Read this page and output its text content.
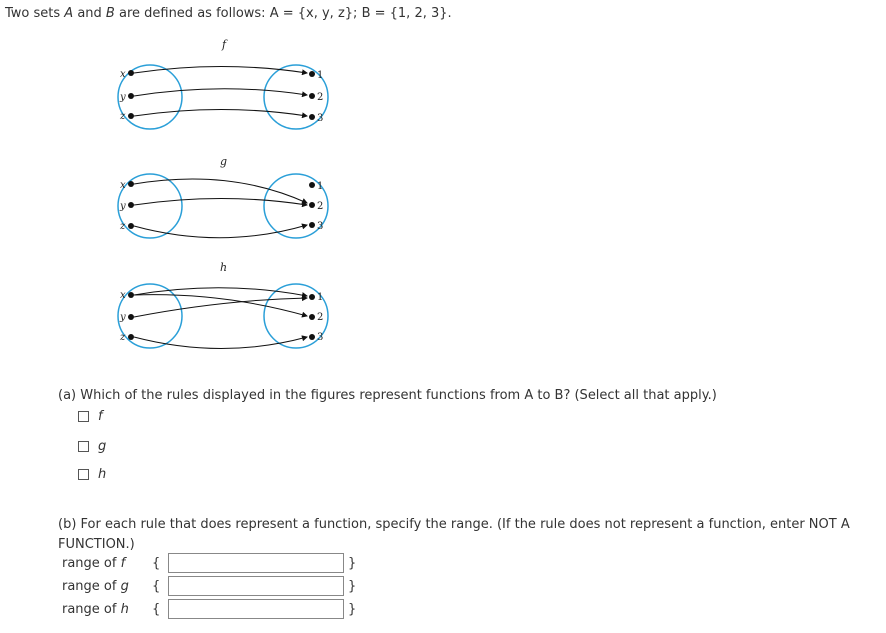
Two sets A and B are defined as follows: A = {x, y, z}; B = {1, 2, 3}.
f
x
y
z
1
2
3
g
x
y
z
1
2
3
h
x
y
z
1
2
3
(a) Which of the rules displayed in the figures represent functions from A to B? (Select all that apply.)
f
g
h
(b) For each rule that does represent a function, specify the range. (If the rule does not represent a function, enter NOT A FUNCTION.)
range of f	{	}
range of g	{	}
range of h	{	}
